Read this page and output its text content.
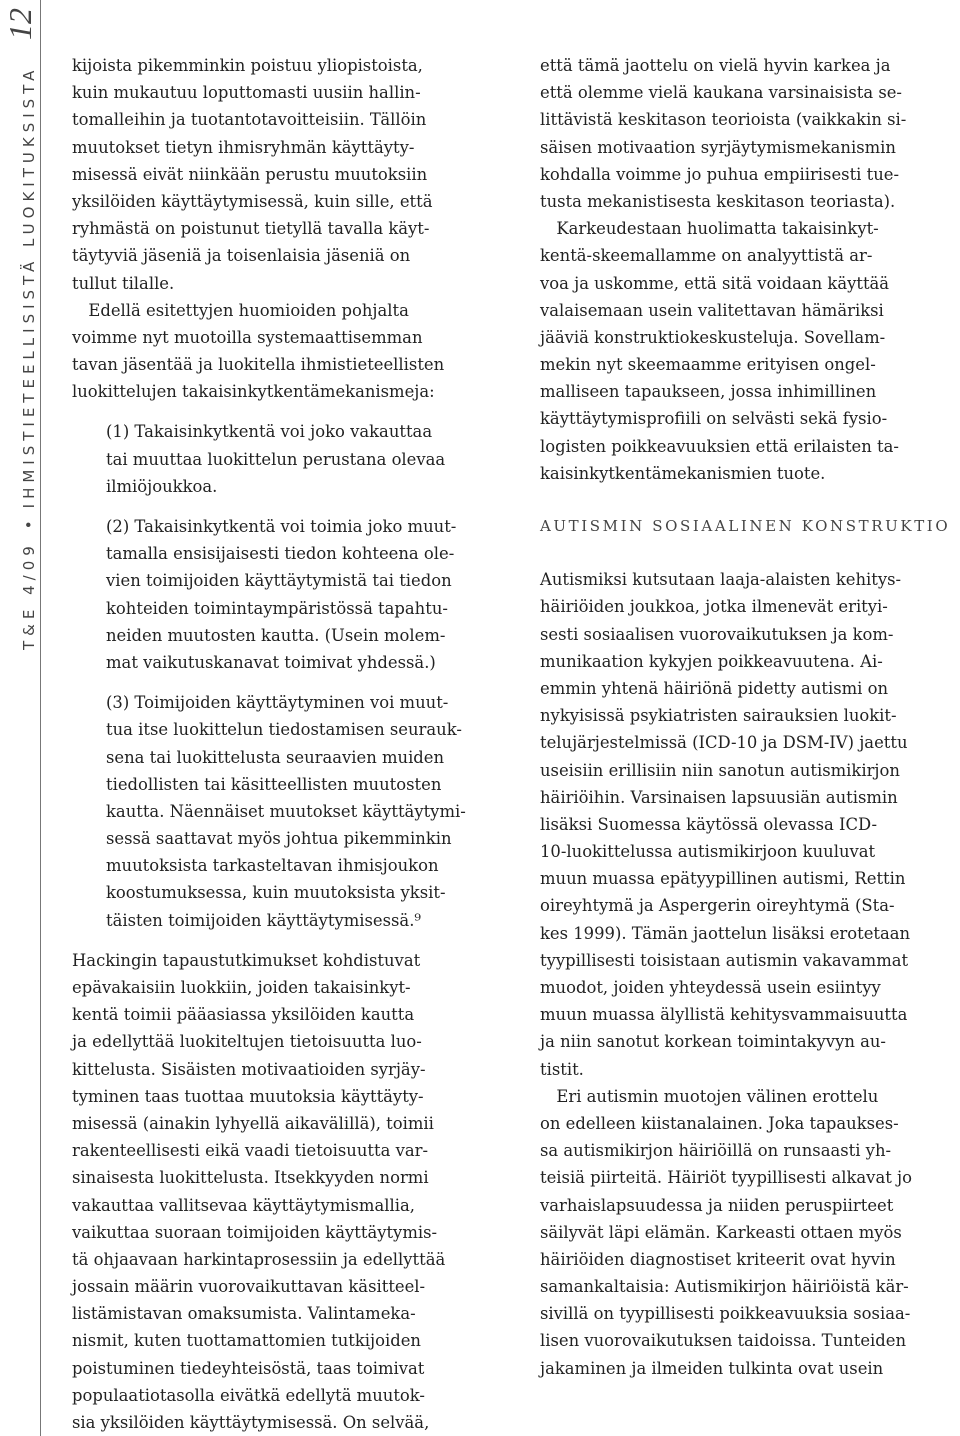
12
T&E 4/09•IHMISTIETEELLISISTÄ LUOKITUKSISTA
kijoista pikemminkin poistuu yliopistoista,
kuin mukautuu loputtomasti uusiin hallin-
tomalleihin ja tuotantotavoitteisiin. Tällöin
muutokset tietyn ihmisryhmän käyttäyty-
misessä eivät niinkään perustu muutoksiin
yksilöiden käyttäytymisessä, kuin sille, että
ryhmästä on poistunut tietyllä tavalla käyt-
täytyviä jäseniä ja toisenlaisia jäseniä on
tullut tilalle.
 Edellä esitettyjen huomioiden pohjalta
voimme nyt muotoilla systemaattisemman
tavan jäsentää ja luokitella ihmistieteellisten
luokittelujen takaisinkytkentämekanismeja:
(1) Takaisinkytkentä voi joko vakauttaa
tai muuttaa luokittelun perustana olevaa
ilmiöjoukkoa.
(2) Takaisinkytkentä voi toimia joko muut-
tamalla ensisijaisesti tiedon kohteena ole-
vien toimijoiden käyttäytymistä tai tiedon
kohteiden toimintaympäristössä tapahtu-
neiden muutosten kautta. (Usein molem-
mat vaikutuskanavat toimivat yhdessä.)
(3) Toimijoiden käyttäytyminen voi muut-
tua itse luokittelun tiedostamisen seurauk-
sena tai luokittelusta seuraavien muiden
tiedollisten tai käsitteellisten muutosten
kautta. Näennäiset muutokset käyttäytymi-
sessä saattavat myös johtua pikemminkin
muutoksista tarkasteltavan ihmisjoukon
koostumuksessa, kuin muutoksista yksit-
täisten toimijoiden käyttäytymisessä.⁹
Hackingin tapaustutkimukset kohdistuvat
epävakaisiin luokkiin, joiden takaisinkyt-
kentä toimii pääasiassa yksilöiden kautta
ja edellyttää luokiteltujen tietoisuutta luo-
kittelusta. Sisäisten motivaatioiden syrjäy-
tyminen taas tuottaa muutoksia käyttäyty-
misessä (ainakin lyhyellä aikavälillä), toimii
rakenteellisesti eikä vaadi tietoisuutta var-
sinaisesta luokittelusta. Itsekkyyden normi
vakauttaa vallitsevaa käyttäytymismallia,
vaikuttaa suoraan toimijoiden käyttäytymis-
tä ohjaavaan harkintaprosessiin ja edellyttää
jossain määrin vuorovaikuttavan käsitteel-
listämistavan omaksumista. Valintameka-
nismit, kuten tuottamattomien tutkijoiden
poistuminen tiedeyhteisöstä, taas toimivat
populaatiotasolla eivätkä edellytä muutok-
sia yksilöiden käyttäytymisessä. On selvää,
että tämä jaottelu on vielä hyvin karkea ja
että olemme vielä kaukana varsinaisista se-
littävistä keskitason teorioista (vaikkakin si-
säisen motivaation syrjäytymismekanismin
kohdalla voimme jo puhua empiirisesti tue-
tusta mekanistisesta keskitason teoriasta).
 Karkeudestaan huolimatta takaisinkyt-
kentä-skeemallamme on analyyttistä ar-
voa ja uskomme, että sitä voidaan käyttää
valaisemaan usein valitettavan hämäriksi
jääviä konstruktiokeskusteluja. Sovellam-
mekin nyt skeemaamme erityisen ongel-
malliseen tapaukseen, jossa inhimillinen
käyttäytymisprofiili on selvästi sekä fysio-
logisten poikkeavuuksien että erilaisten ta-
kaisinkytkentämekanismien tuote.
AUTISMIN SOSIAALINEN KONSTRUKTIO
Autismiksi kutsutaan laaja-alaisten kehitys-
häiriöiden joukkoa, jotka ilmenevät erityi-
sesti sosiaalisen vuorovaikutuksen ja kom-
munikaation kykyjen poikkeavuutena. Ai-
emmin yhtenä häiriönä pidetty autismi on
nykyisissä psykiatristen sairauksien luokit-
telujärjestelmissä (ICD-10 ja DSM-IV) jaettu
useisiin erillisiin niin sanotun autismikirjon
häiriöihin. Varsinaisen lapsuusiän autismin
lisäksi Suomessa käytössä olevassa ICD-
10-luokittelussa autismikirjoon kuuluvat
muun muassa epätyypillinen autismi, Rettin
oireyhtymä ja Aspergerin oireyhtymä (Sta-
kes 1999). Tämän jaottelun lisäksi erotetaan
tyypillisesti toisistaan autismin vakavammat
muodot, joiden yhteydessä usein esiintyy
muun muassa älyllistä kehitysvammaisuutta
ja niin sanotut korkean toimintakyvyn au-
tistit.
 Eri autismin muotojen välinen erottelu
on edelleen kiistanalainen. Joka tapaukses-
sa autismikirjon häiriöillä on runsaasti yh-
teisiä piirteitä. Häiriöt tyypillisesti alkavat jo
varhaislapsuudessa ja niiden peruspiirteet
säilyvät läpi elämän. Karkeasti ottaen myös
häiriöiden diagnostiset kriteerit ovat hyvin
samankaltaisia: Autismikirjon häiriöistä kär-
sivillä on tyypillisesti poikkeavuuksia sosiaa-
lisen vuorovaikutuksen taidoissa. Tunteiden
jakaminen ja ilmeiden tulkinta ovat usein
